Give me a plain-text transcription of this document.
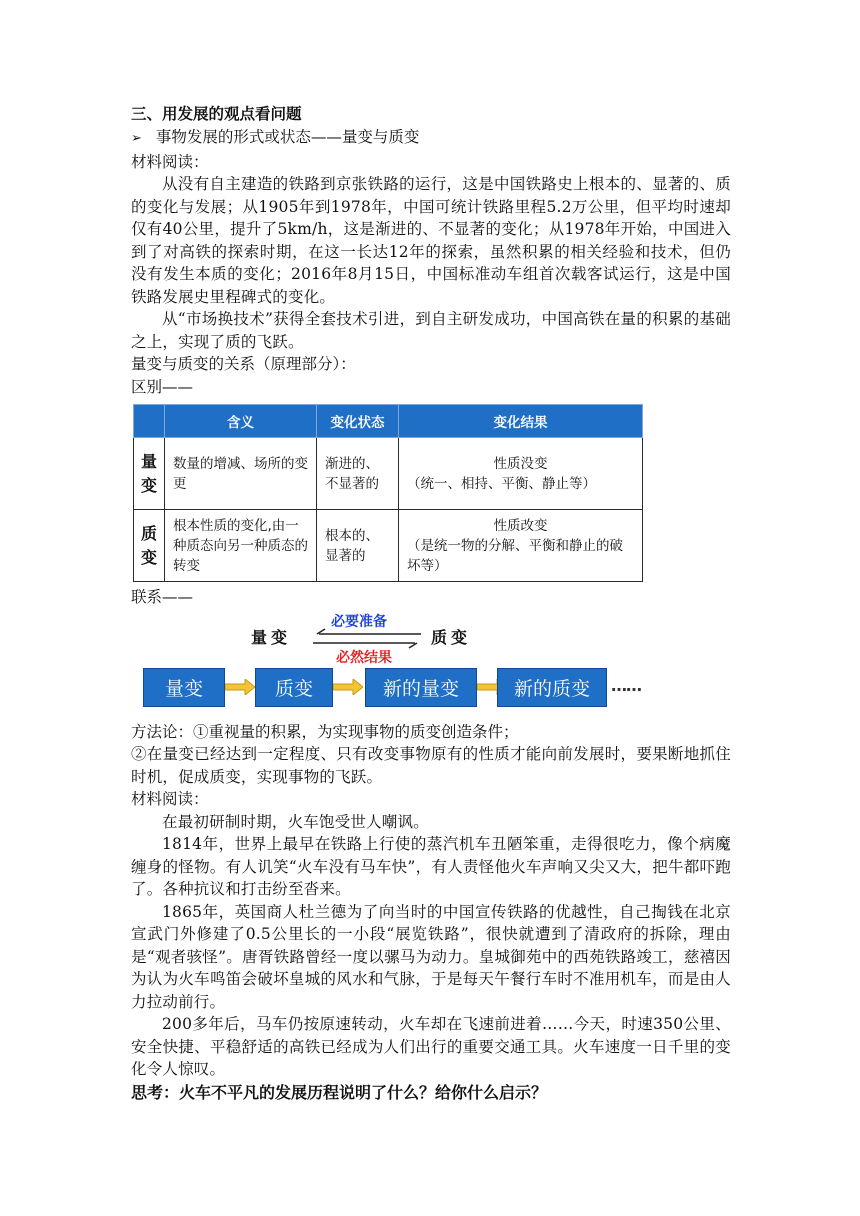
三、用发展的观点看问题

➢ 事物发展的形式或状态——量变与质变

材料阅读：

从没有自主建造的铁路到京张铁路的运行，这是中国铁路史上根本的、显著的、质的变化与发展；从1905年到1978年，中国可统计铁路里程5.2万公里，但平均时速却仅有40公里，提升了5km/h，这是渐进的、不显著的变化；从1978年开始，中国进入到了对高铁的探索时期，在这一长达12年的探索，虽然积累的相关经验和技术，但仍没有发生本质的变化；2016年8月15日，中国标准动车组首次载客试运行，这是中国铁路发展史里程碑式的变化。

从“市场换技术”获得全套技术引进，到自主研发成功，中国高铁在量的积累的基础之上，实现了质的飞跃。

量变与质变的关系（原理部分）：

区别——

	含义	变化状态	变化结果
量
变	数量的增减、场所的变更	渐进的、不显著的	性质没变
（统一、相持、平衡、静止等）

质
变	根本性质的变化,由一种质态向另一种质态的转变	根本的、显著的	性质改变
（是统一物的分解、平衡和静止的破坏等）

联系——

量变
必要准备
必然结果
质变
量变	质变	新的量变	新的质变	……

方法论：①重视量的积累，为实现事物的质变创造条件；

②在量变已经达到一定程度、只有改变事物原有的性质才能向前发展时，要果断地抓住时机，促成质变，实现事物的飞跃。

材料阅读：

在最初研制时期，火车饱受世人嘲讽。

1814年，世界上最早在铁路上行使的蒸汽机车丑陋笨重，走得很吃力，像个病魔缠身的怪物。有人讥笑“火车没有马车快”，有人责怪他火车声响又尖又大，把牛都吓跑了。各种抗议和打击纷至沓来。

1865年，英国商人杜兰德为了向当时的中国宣传铁路的优越性，自己掏钱在北京宣武门外修建了0.5公里长的一小段“展览铁路”，很快就遭到了清政府的拆除，理由是“观者骇怪”。唐胥铁路曾经一度以骡马为动力。皇城御苑中的西苑铁路竣工，慈禧因为认为火车鸣笛会破坏皇城的风水和气脉，于是每天午餐行车时不准用机车，而是由人力拉动前行。

200多年后，马车仍按原速转动，火车却在飞速前进着……今天，时速350公里、安全快捷、平稳舒适的高铁已经成为人们出行的重要交通工具。火车速度一日千里的变化令人惊叹。

思考：火车不平凡的发展历程说明了什么？给你什么启示？
